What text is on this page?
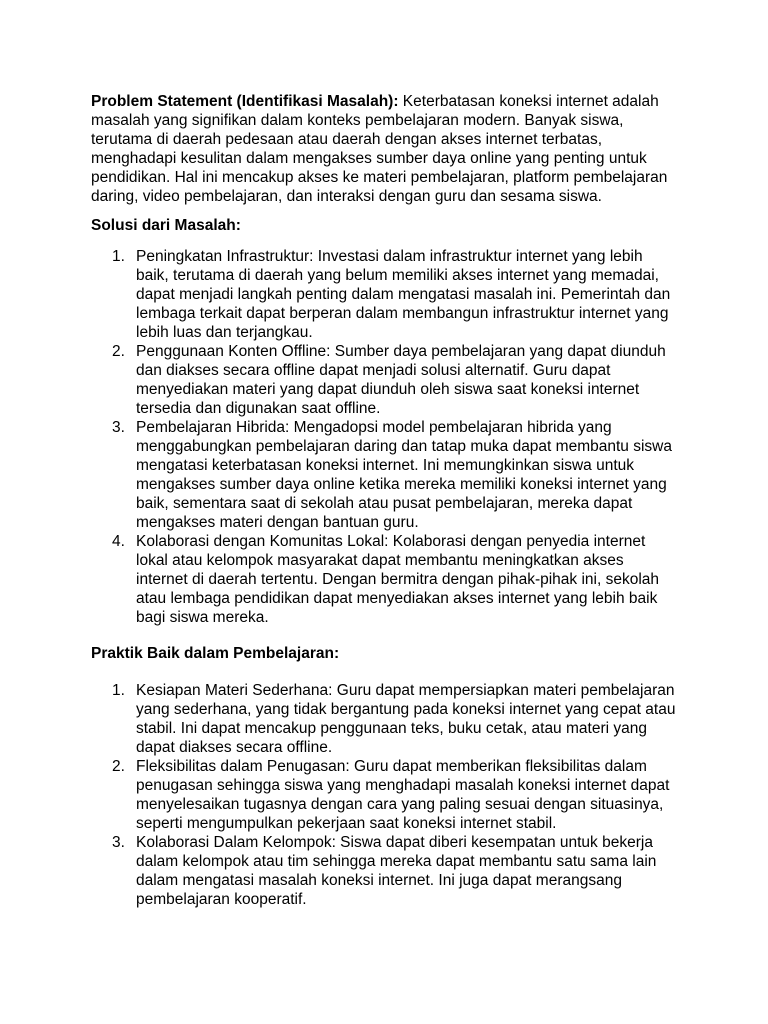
Problem Statement (Identifikasi Masalah): Keterbatasan koneksi internet adalah masalah yang signifikan dalam konteks pembelajaran modern. Banyak siswa, terutama di daerah pedesaan atau daerah dengan akses internet terbatas, menghadapi kesulitan dalam mengakses sumber daya online yang penting untuk pendidikan. Hal ini mencakup akses ke materi pembelajaran, platform pembelajaran daring, video pembelajaran, dan interaksi dengan guru dan sesama siswa.

Solusi dari Masalah:

1. Peningkatan Infrastruktur: Investasi dalam infrastruktur internet yang lebih baik, terutama di daerah yang belum memiliki akses internet yang memadai, dapat menjadi langkah penting dalam mengatasi masalah ini. Pemerintah dan lembaga terkait dapat berperan dalam membangun infrastruktur internet yang lebih luas dan terjangkau.
2. Penggunaan Konten Offline: Sumber daya pembelajaran yang dapat diunduh dan diakses secara offline dapat menjadi solusi alternatif. Guru dapat menyediakan materi yang dapat diunduh oleh siswa saat koneksi internet tersedia dan digunakan saat offline.
3. Pembelajaran Hibrida: Mengadopsi model pembelajaran hibrida yang menggabungkan pembelajaran daring dan tatap muka dapat membantu siswa mengatasi keterbatasan koneksi internet. Ini memungkinkan siswa untuk mengakses sumber daya online ketika mereka memiliki koneksi internet yang baik, sementara saat di sekolah atau pusat pembelajaran, mereka dapat mengakses materi dengan bantuan guru.
4. Kolaborasi dengan Komunitas Lokal: Kolaborasi dengan penyedia internet lokal atau kelompok masyarakat dapat membantu meningkatkan akses internet di daerah tertentu. Dengan bermitra dengan pihak-pihak ini, sekolah atau lembaga pendidikan dapat menyediakan akses internet yang lebih baik bagi siswa mereka.

Praktik Baik dalam Pembelajaran:

1. Kesiapan Materi Sederhana: Guru dapat mempersiapkan materi pembelajaran yang sederhana, yang tidak bergantung pada koneksi internet yang cepat atau stabil. Ini dapat mencakup penggunaan teks, buku cetak, atau materi yang dapat diakses secara offline.
2. Fleksibilitas dalam Penugasan: Guru dapat memberikan fleksibilitas dalam penugasan sehingga siswa yang menghadapi masalah koneksi internet dapat menyelesaikan tugasnya dengan cara yang paling sesuai dengan situasinya, seperti mengumpulkan pekerjaan saat koneksi internet stabil.
3. Kolaborasi Dalam Kelompok: Siswa dapat diberi kesempatan untuk bekerja dalam kelompok atau tim sehingga mereka dapat membantu satu sama lain dalam mengatasi masalah koneksi internet. Ini juga dapat merangsang pembelajaran kooperatif.
